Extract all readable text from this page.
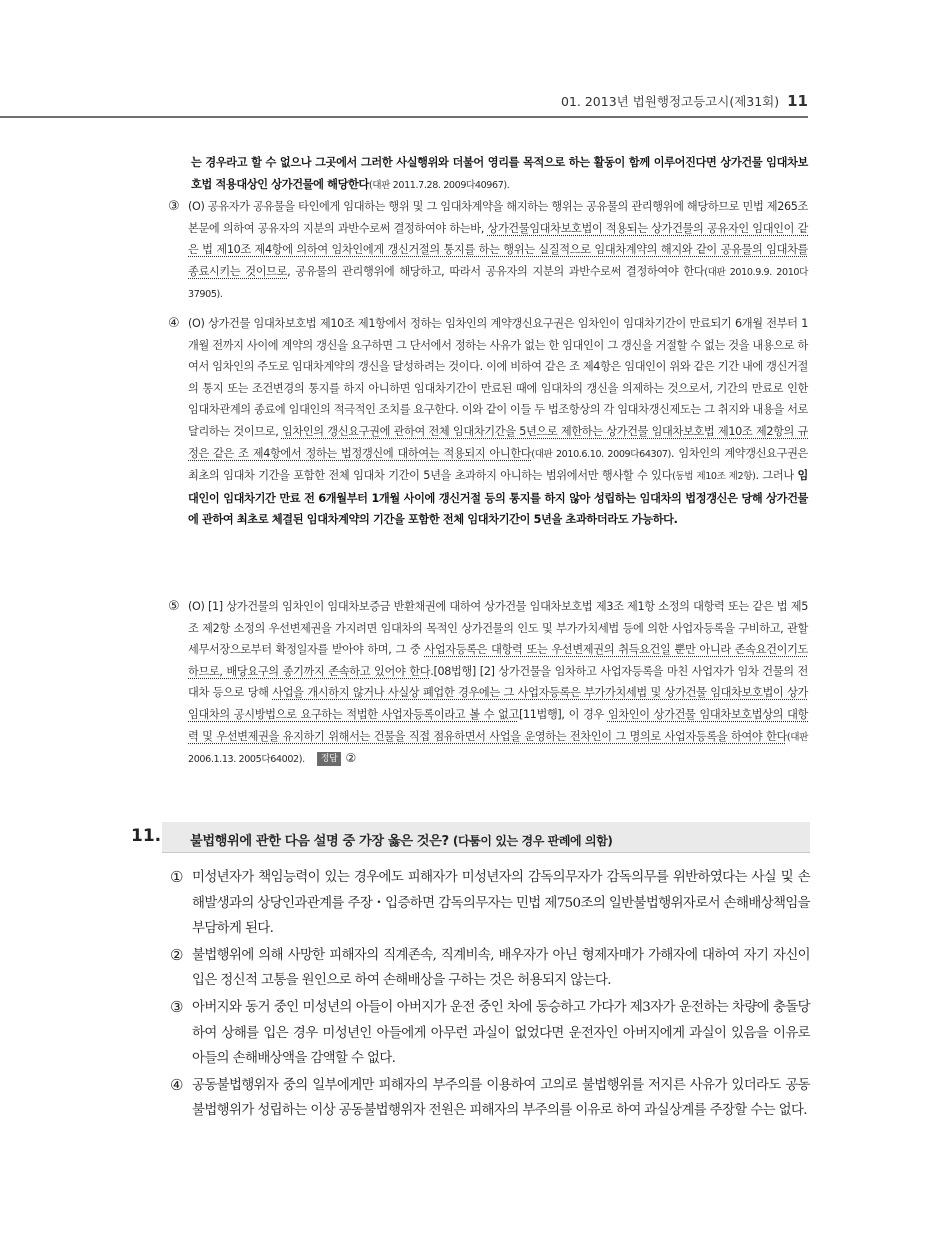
01. 2013년 법원행정고등고시(제31회) 11
는 경우라고 할 수 없으나 그곳에서 그러한 사실행위와 더불어 영리를 목적으로 하는 활동이 함께 이루어진다면 상가건물 임대차보호법 적용대상인 상가건물에 해당한다(대판 2011.7.28. 2009다40967).
③ (O) 공유자가 공유물을 타인에게 임대하는 행위 및 그 임대차계약을 해지하는 행위는 공유물의 관리행위에 해당하므로 민법 제265조 본문에 의하여 공유자의 지분의 과반수로써 결정하여야 하는바, 상가건물임대차보호법이 적용되는 상가건물의 공유자인 임대인이 같은 법 제10조 제4항에 의하여 임차인에게 갱신거절의 통지를 하는 행위는 실질적으로 임대차계약의 해지와 같이 공유물의 임대차를 종료시키는 것이므로, 공유물의 관리행위에 해당하고, 따라서 공유자의 지분의 과반수로써 결정하여야 한다(대판 2010.9.9. 2010다37905).
④ (O) 상가건물 임대차보호법 제10조 제1항에서 정하는 임차인의 계약갱신요구권은 임차인이 임대차기간이 만료되기 6개월 전부터 1개월 전까지 사이에 계약의 갱신을 요구하면 그 단서에서 정하는 사유가 없는 한 임대인이 그 갱신을 거절할 수 없는 것을 내용으로 하여서 임차인의 주도로 임대차계약의 갱신을 달성하려는 것이다. 이에 비하여 같은 조 제4항은 임대인이 위와 같은 기간 내에 갱신거절의 통지 또는 조건변경의 통지를 하지 아니하면 임대차기간이 만료된 때에 임대차의 갱신을 의제하는 것으로서, 기간의 만료로 인한 임대차관계의 종료에 임대인의 적극적인 조치를 요구한다. 이와 같이 이들 두 법조항상의 각 임대차갱신제도는 그 취지와 내용을 서로 달리하는 것이므로, 임차인의 갱신요구권에 관하여 전체 임대차기간을 5년으로 제한하는 상가건물 임대차보호법 제10조 제2항의 규정은 같은 조 제4항에서 정하는 법정갱신에 대하여는 적용되지 아니한다(대판 2010.6.10. 2009다64307). 임차인의 계약갱신요구권은 최초의 임대차 기간을 포함한 전체 임대차 기간이 5년을 초과하지 아니하는 범위에서만 행사할 수 있다(동법 제10조 제2항). 그러나 임대인이 임대차기간 만료 전 6개월부터 1개월 사이에 갱신거절 등의 통지를 하지 않아 성립하는 임대차의 법정갱신은 당해 상가건물에 관하여 최초로 체결된 임대차계약의 기간을 포함한 전체 임대차기간이 5년을 초과하더라도 가능하다.
⑤ (O) [1] 상가건물의 임차인이 임대차보증금 반환채권에 대하여 상가건물 임대차보호법 제3조 제1항 소정의 대항력 또는 같은 법 제5조 제2항 소정의 우선변제권을 가지려면 임대차의 목적인 상가건물의 인도 및 부가가치세법 등에 의한 사업자등록을 구비하고, 관할세무서장으로부터 확정일자를 받아야 하며, 그 중 사업자등록은 대항력 또는 우선변제권의 취득요건일 뿐만 아니라 존속요건이기도 하므로, 배당요구의 종기까지 존속하고 있어야 한다.[08법행] [2] 상가건물을 임차하고 사업자등록을 마친 사업자가 임차 건물의 전대차 등으로 당해 사업을 개시하지 않거나 사실상 폐업한 경우에는 그 사업자등록은 부가가치세법 및 상가건물 임대차보호법이 상가임대차의 공시방법으로 요구하는 적법한 사업자등록이라고 볼 수 없고[11법행], 이 경우 임차인이 상가건물 임대차보호법상의 대항력 및 우선변제권을 유지하기 위해서는 건물을 직접 점유하면서 사업을 운영하는 전차인이 그 명의로 사업자등록을 하여야 한다(대판 2006.1.13. 2005다64002). 정답 ②
11. 불법행위에 관한 다음 설명 중 가장 옳은 것은? (다툼이 있는 경우 판례에 의함)
① 미성년자가 책임능력이 있는 경우에도 피해자가 미성년자의 감독의무자가 감독의무를 위반하였다는 사실 및 손해발생과의 상당인과관계를 주장・입증하면 감독의무자는 민법 제750조의 일반불법행위자로서 손해배상책임을 부담하게 된다.
② 불법행위에 의해 사망한 피해자의 직계존속, 직계비속, 배우자가 아닌 형제자매가 가해자에 대하여 자기 자신이 입은 정신적 고통을 원인으로 하여 손해배상을 구하는 것은 허용되지 않는다.
③ 아버지와 동거 중인 미성년의 아들이 아버지가 운전 중인 차에 동승하고 가다가 제3자가 운전하는 차량에 충돌당하여 상해를 입은 경우 미성년인 아들에게 아무런 과실이 없었다면 운전자인 아버지에게 과실이 있음을 이유로 아들의 손해배상액을 감액할 수 없다.
④ 공동불법행위자 중의 일부에게만 피해자의 부주의를 이용하여 고의로 불법행위를 저지른 사유가 있더라도 공동불법행위가 성립하는 이상 공동불법행위자 전원은 피해자의 부주의를 이유로 하여 과실상계를 주장할 수는 없다.
